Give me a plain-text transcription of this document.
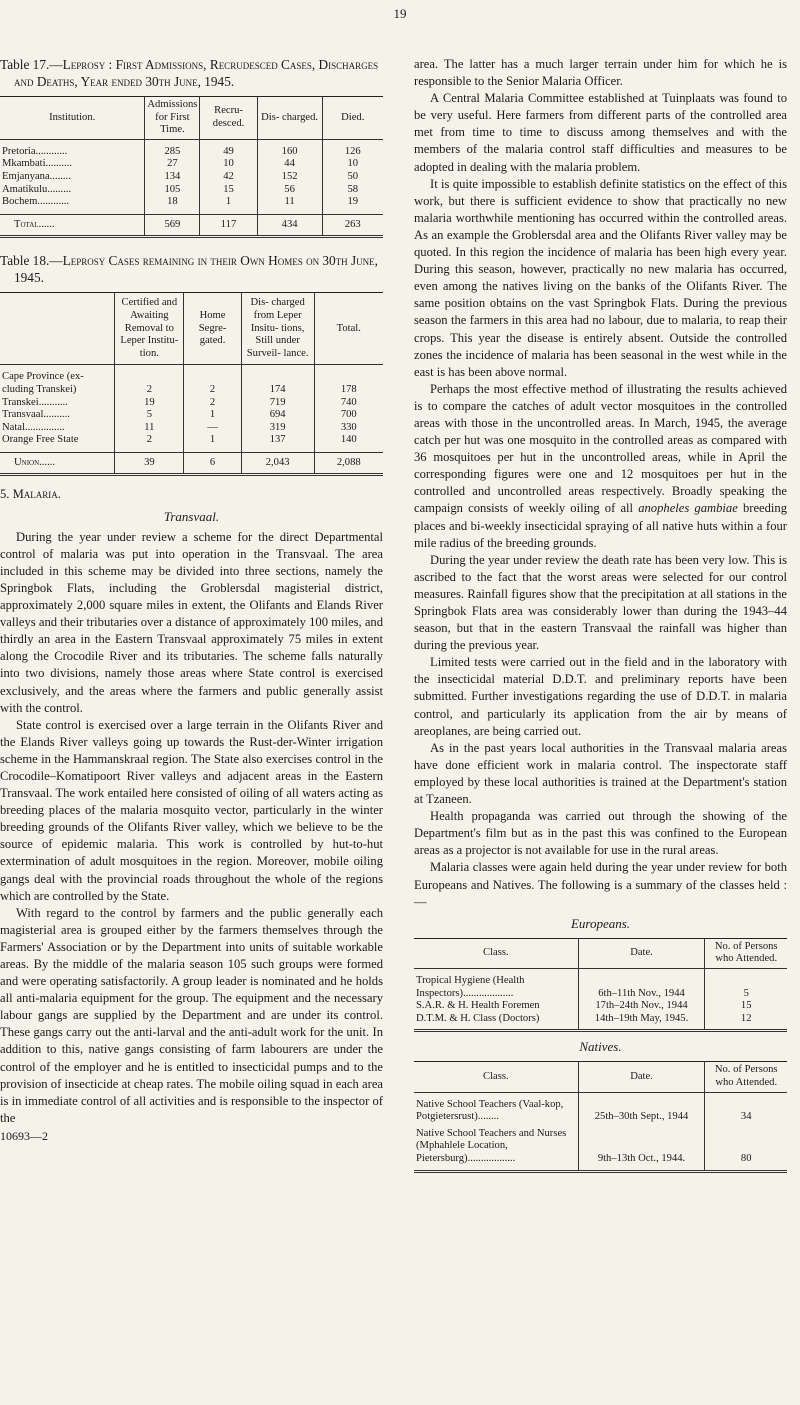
19
Table 17.—Leprosy : First Admissions, Recrudesced Cases, Discharges and Deaths, Year ended 30th June, 1945.
Institution.	Admissions for First Time.	Recru- desced.	Dis- charged.	Died.
Pretoria............	285	49	160	126
Mkambati..........	27	10	44	10
Emjanyana........	134	42	152	50
Amatikulu.........	105	15	56	58
Bochem............	18	1	11	19
Total......	569	117	434	263
Table 18.—Leprosy Cases remaining in their Own Homes on 30th June, 1945.
	Certified and Awaiting Removal to Leper Institu- tion.	Home Segre- gated.	Dis- charged from Leper Insitu- tions, Still under Surveil- lance.	Total.
Cape Province (ex- cluding Transkei)	2	2	174	178
Transkei...........	19	2	719	740
Transvaal..........	5	1	694	700
Natal...............	11	—	319	330
Orange Free State	2	1	137	140
Union......	39	6	2,043	2,088
5. Malaria.
Transvaal.

During the year under review a scheme for the direct Departmental control of malaria was put into operation in the Transvaal. The area included in this scheme may be divided into three sections, namely the Springbok Flats, including the Groblersdal magisterial district, approximately 2,000 square miles in extent, the Olifants and Elands River valleys and their tributaries over a distance of approximately 100 miles, and thirdly an area in the Eastern Transvaal approximately 75 miles in extent along the Crocodile River and its tributaries. The scheme falls naturally into two divisions, namely those areas where State control is exercised exclusively, and the areas where the farmers and public generally assist with the control.

State control is exercised over a large terrain in the Olifants River and the Elands River valleys going up towards the Rust-der-Winter irrigation scheme in the Hammanskraal region. The State also exercises control in the Crocodile–Komatipoort River valleys and adjacent areas in the Eastern Transvaal. The work entailed here consisted of oiling of all waters acting as breeding places of the malaria mosquito vector, particularly in the winter breeding grounds of the Olifants River valley, which we believe to be the source of epidemic malaria. This work is controlled by hut-to-hut extermination of adult mosquitoes in the region. Moreover, mobile oiling gangs deal with the provincial roads throughout the whole of the regions which are controlled by the State.

With regard to the control by farmers and the public generally each magisterial area is grouped either by the farmers themselves through the Farmers' Association or by the Department into units of suitable workable areas. By the middle of the malaria season 105 such groups were formed and were operating satisfactorily. A group leader is nominated and he holds all anti-malaria equipment for the group. The equipment and the necessary labour gangs are supplied by the Department and are under its control. These gangs carry out the anti-larval and the anti-adult work for the unit. In addition to this, native gangs consisting of farm labourers are under the control of the employer and he is entitled to insecticidal pumps and to the provision of insecticide at cheap rates. The mobile oiling squad in each area is in immediate control of all activities and is responsible to the inspector of the

10693—2

area. The latter has a much larger terrain under him for which he is responsible to the Senior Malaria Officer.

A Central Malaria Committee established at Tuinplaats was found to be very useful. Here farmers from different parts of the controlled area met from time to time to discuss among themselves and with the members of the malaria control staff difficulties and measures to be adopted in dealing with the malaria problem.

It is quite impossible to establish definite statistics on the effect of this work, but there is sufficient evidence to show that practically no new malaria worthwhile mentioning has occurred within the controlled areas. As an example the Groblersdal area and the Olifants River valley may be quoted. In this region the incidence of malaria has been high every year. During this season, however, practically no new malaria has occurred, even among the natives living on the banks of the Olifants River. The same position obtains on the vast Springbok Flats. During the previous season the farmers in this area had no labour, due to malaria, to reap their crops. This year the disease is entirely absent. Outside the controlled zones the incidence of malaria has been seasonal in the west while in the east is has been above normal.

Perhaps the most effective method of illustrating the results achieved is to compare the catches of adult vector mosquitoes in the controlled areas with those in the uncontrolled areas. In March, 1945, the average catch per hut was one mosquito in the controlled areas as compared with 36 mosquitoes per hut in the uncontrolled areas, while in April the corresponding figures were one and 12 mosquitoes per hut in the controlled and uncontrolled areas respectively. Broadly speaking the campaign consists of weekly oiling of all anopheles gambiae breeding places and bi-weekly insecticidal spraying of all native huts within a four mile radius of the breeding grounds.

During the year under review the death rate has been very low. This is ascribed to the fact that the worst areas were selected for our control measures. Rainfall figures show that the precipitation at all stations in the Springbok Flats area was considerably lower than during the 1943–44 season, but that in the eastern Transvaal the rainfall was higher than during the previous year.

Limited tests were carried out in the field and in the laboratory with the insecticidal material D.D.T. and preliminary reports have been submitted. Further investigations regarding the use of D.D.T. in malaria control, and particularly its application from the air by means of areoplanes, are being carried out.

As in the past years local authorities in the Transvaal malaria areas have done efficient work in malaria control. The inspectorate staff employed by these local authorities is trained at the Department's station at Tzaneen.

Health propaganda was carried out through the showing of the Department's film but as in the past this was confined to the European areas as a projector is not available for use in the rural areas.

Malaria classes were again held during the year under review for both Europeans and Natives. The following is a summary of the classes held :—

Europeans.
Class.	Date.	No. of Persons who Attended.
Tropical Hygiene (Health Inspectors)...................	6th–11th Nov., 1944	5
S.A.R. & H. Health Foremen	17th–24th Nov., 1944	15
D.T.M. & H. Class (Doctors)	14th–19th May, 1945.	12
Natives.
Class.	Date.	No. of Persons who Attended.
Native School Teachers (Vaal-kop, Potgietersrust)........	25th–30th Sept., 1944	34
Native School Teachers and Nurses (Mphahlele Location, Pietersburg)..................	9th–13th Oct., 1944.	80
